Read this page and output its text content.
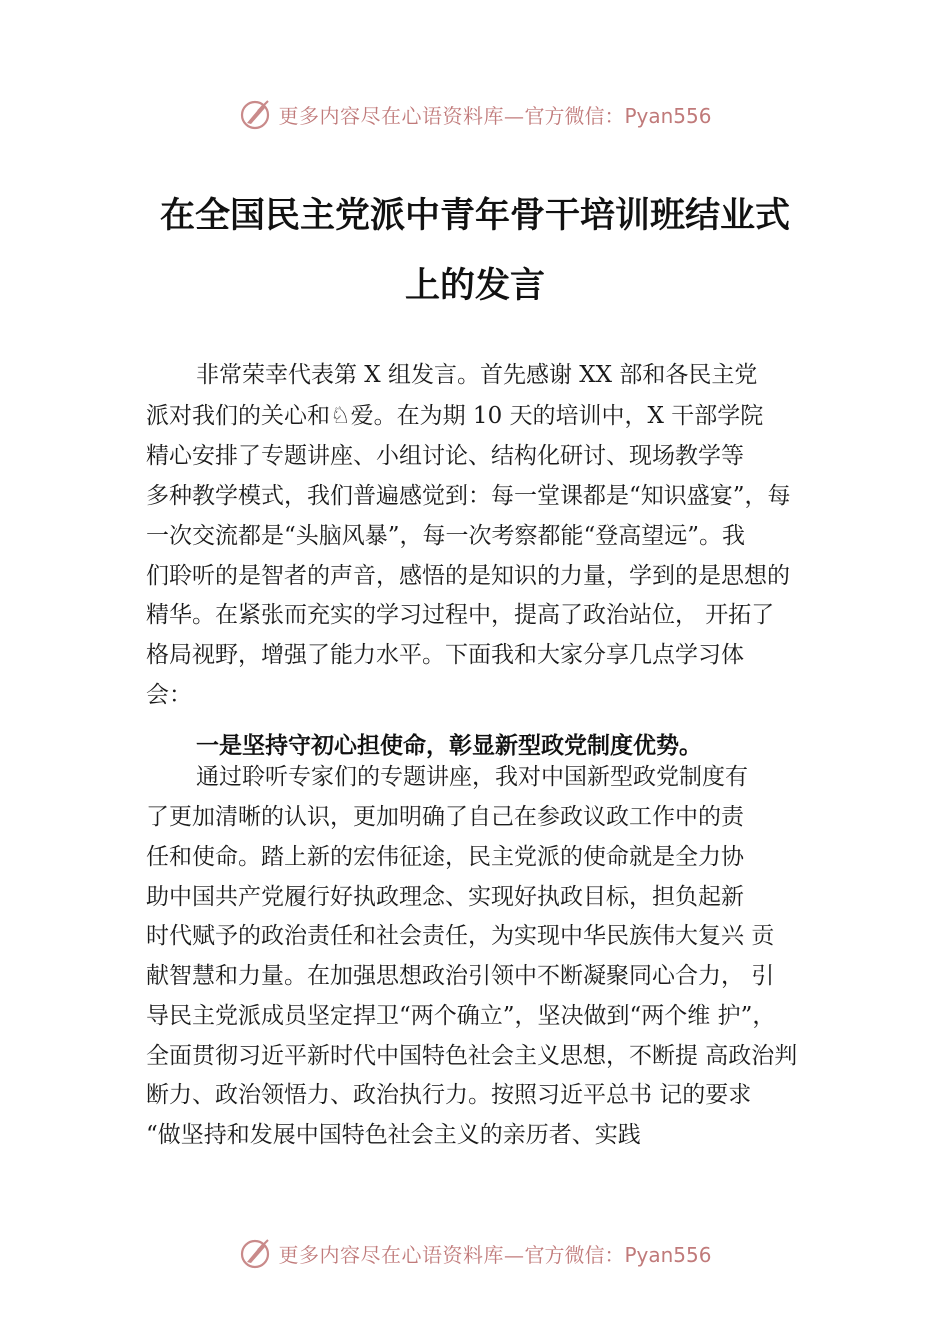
更多内容尽在心语资料库— 官方微信：Pyan556
在全国民主党派中青年骨干培训班结业式
上的发言

非常荣幸代表第 X 组发言。首先感谢 XX 部和各民主党

派对我们的关心和♘爱。在为期 10 天的培训中，X 干部学院

精心安排了专题讲座、小组讨论、结构化研讨、现场教学等

多种教学模式，我们普遍感觉到：每一堂课都是“知识盛宴”，每

一次交流都是“头脑风暴”，每一次考察都能“登高望远”。我

们聆听的是智者的声音，感悟的是知识的力量，学到的是思想的

精华。在紧张而充实的学习过程中，提高了政治站位， 开拓了

格局视野，增强了能力水平。下面我和大家分享几点学习体

会：

一是坚持守初心担使命，彰显新型政党制度优势。

通过聆听专家们的专题讲座，我对中国新型政党制度有

了更加清晰的认识，更加明确了自己在参政议政工作中的责

任和使命。踏上新的宏伟征途，民主党派的使命就是全力协

助中国共产党履行好执政理念、实现好执政目标，担负起新

时代赋予的政治责任和社会责任，为实现中华民族伟大复兴 贡

献智慧和力量。在加强思想政治引领中不断凝聚同心合力， 引

导民主党派成员坚定捍卫“两个确立”，坚决做到“两个维 护”，

全面贯彻习近平新时代中国特色社会主义思想，不断提 高政治判

断力、政治领悟力、政治执行力。按照习近平总书 记的要求

“做坚持和发展中国特色社会主义的亲历者、实践

更多内容尽在心语资料库— 官方微信：Pyan556
